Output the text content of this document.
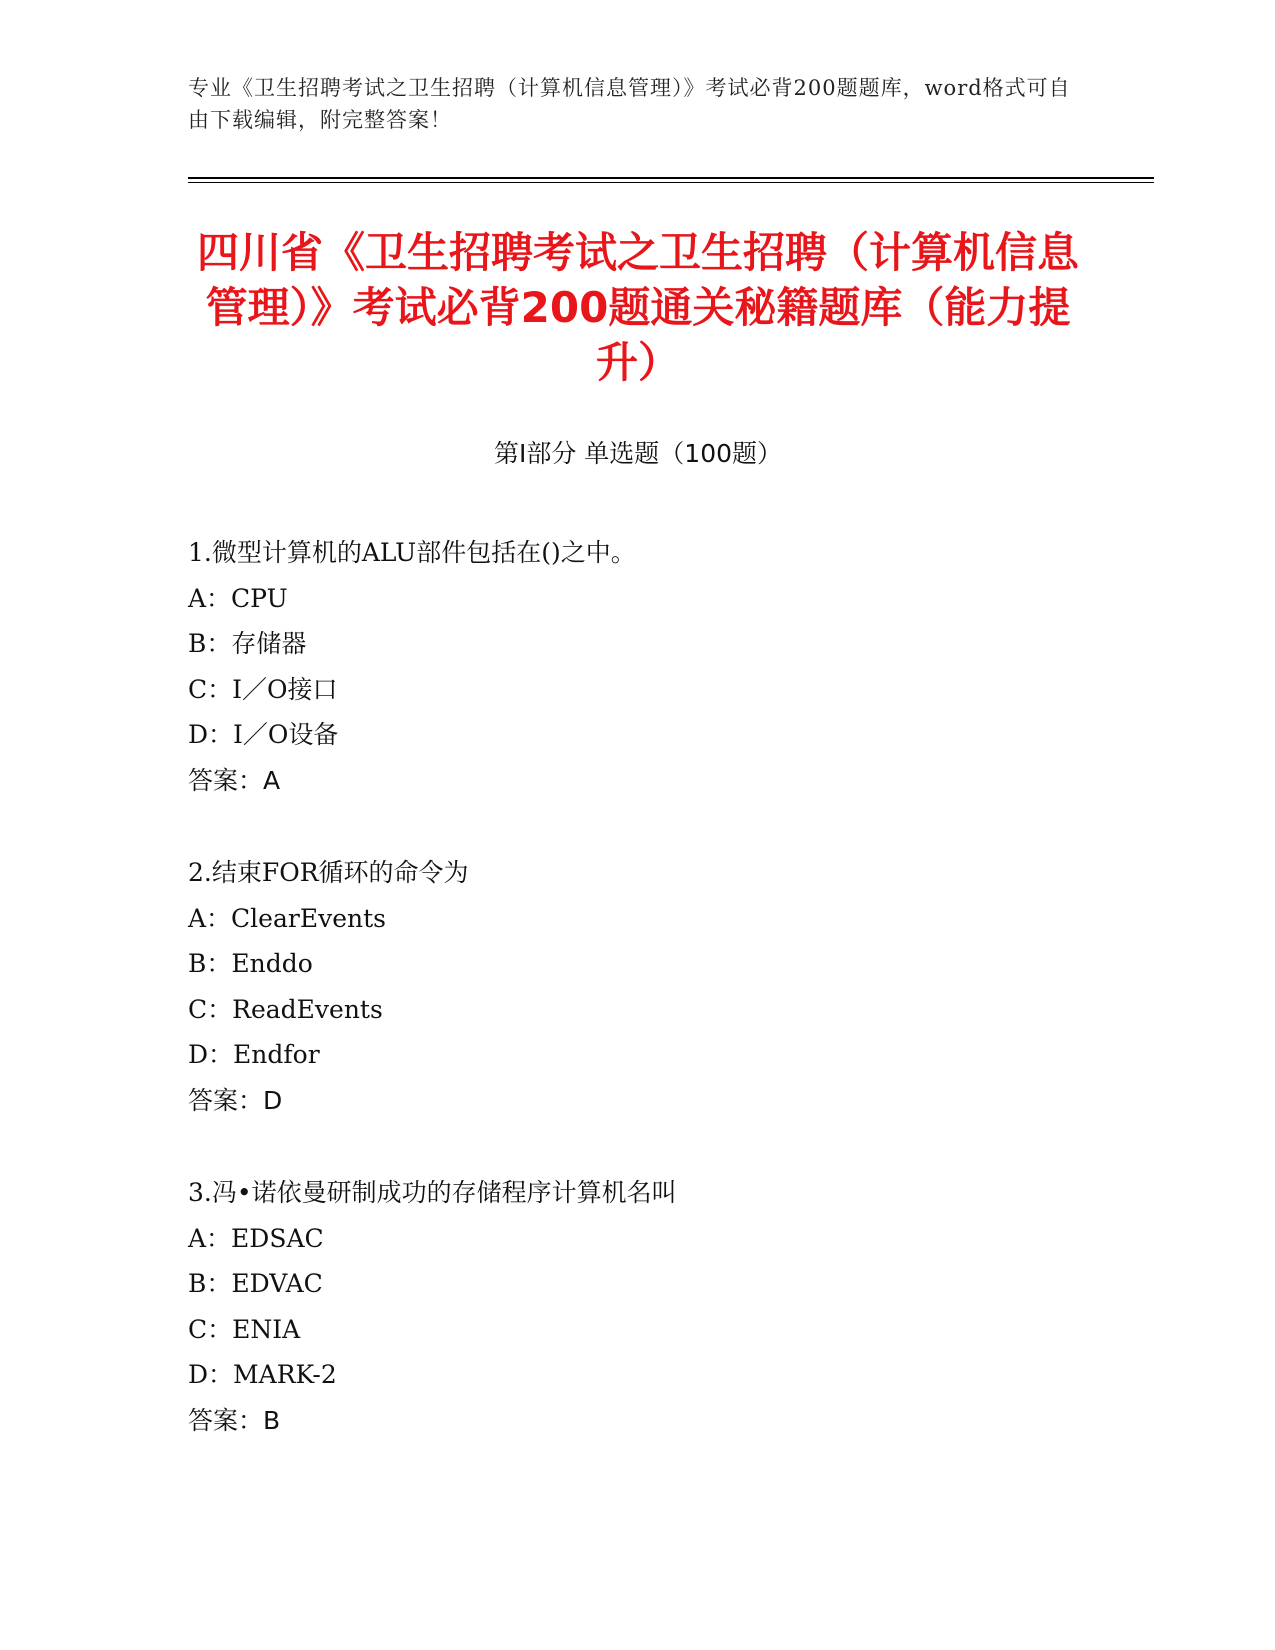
专业《卫生招聘考试之卫生招聘（计算机信息管理）》考试必背200题题库，word格式可自由下载编辑，附完整答案！
四川省《卫生招聘考试之卫生招聘（计算机信息管理）》考试必背200题通关秘籍题库（能力提升）
第I部分 单选题（100题）
1.微型计算机的ALU部件包括在()之中。
A：CPU
B：存储器
C：I／O接口
D：I／O设备
答案：A
2.结束FOR循环的命令为
A：ClearEvents
B：Enddo
C：ReadEvents
D：Endfor
答案：D
3.冯•诺依曼研制成功的存储程序计算机名叫
A：EDSAC
B：EDVAC
C：ENIA
D：MARK-2
答案：B
